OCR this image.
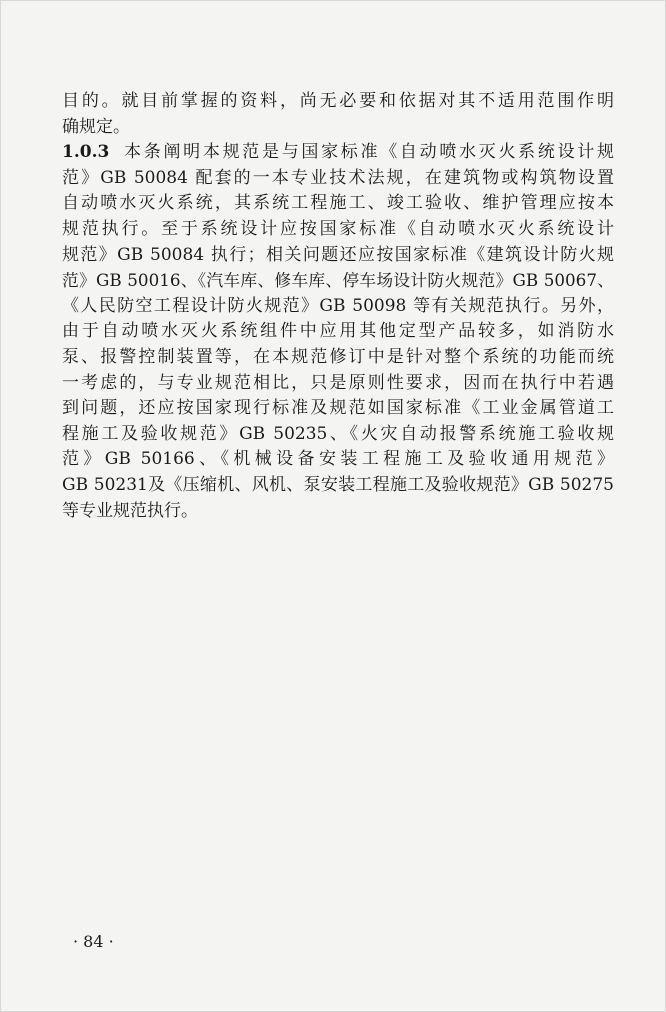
目的。就目前掌握的资料，尚无必要和依据对其不适用范围作明
确规定。
1.0.3 本条阐明本规范是与国家标准《自动喷水灭火系统设计规
范》GB 50084 配套的一本专业技术法规，在建筑物或构筑物设置
自动喷水灭火系统，其系统工程施工、竣工验收、维护管理应按本
规范执行。至于系统设计应按国家标准《自动喷水灭火系统设计
规范》GB 50084 执行；相关问题还应按国家标准《建筑设计防火规
范》GB 50016、《汽车库、修车库、停车场设计防火规范》GB 50067、
《人民防空工程设计防火规范》GB 50098 等有关规范执行。另外，
由于自动喷水灭火系统组件中应用其他定型产品较多，如消防水
泵、报警控制装置等，在本规范修订中是针对整个系统的功能而统
一考虑的，与专业规范相比，只是原则性要求，因而在执行中若遇
到问题，还应按国家现行标准及规范如国家标准《工业金属管道工
程施工及验收规范》GB 50235、《火灾自动报警系统施工验收规
范》GB 50166、《机械设备安装工程施工及验收通用规范》
GB 50231及《压缩机、风机、泵安装工程施工及验收规范》GB 50275
等专业规范执行。
· 84 ·
